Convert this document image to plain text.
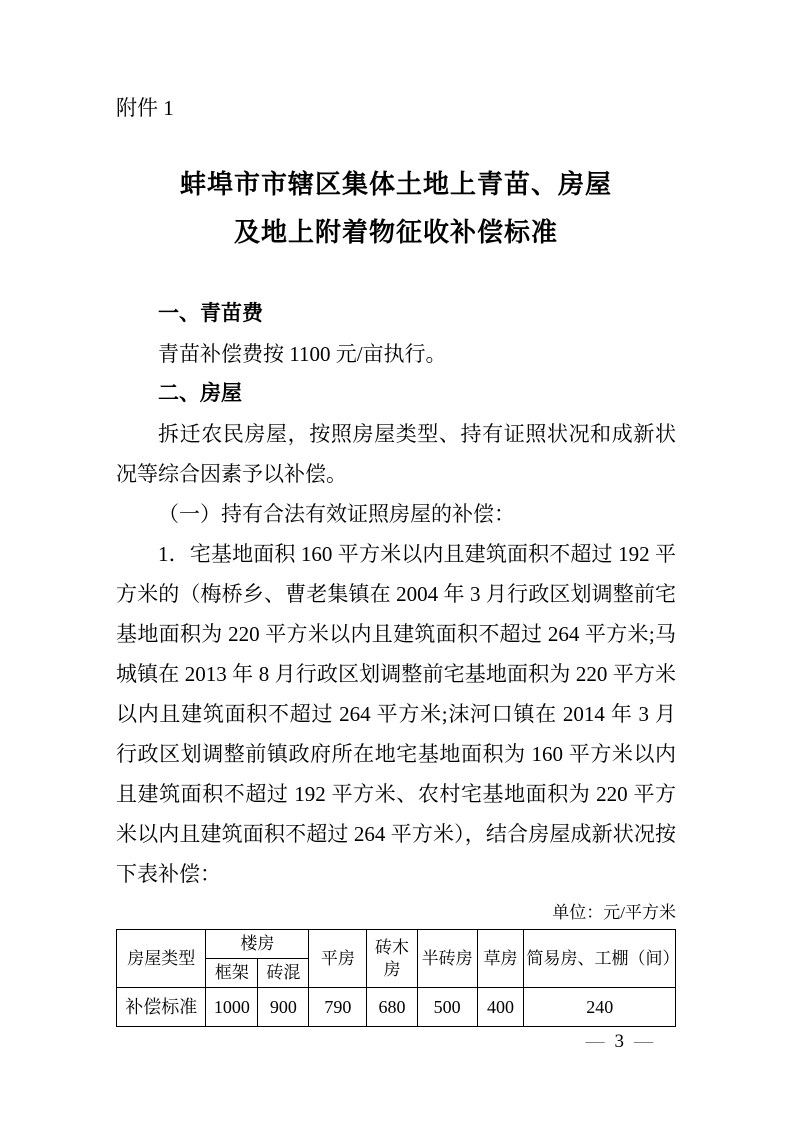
附件 1
蚌埠市市辖区集体土地上青苗、房屋
及地上附着物征收补偿标准

一、青苗费

青苗补偿费按 1100 元/亩执行。

二、房屋

拆迁农民房屋，按照房屋类型、持有证照状况和成新状况等综合因素予以补偿。

（一）持有合法有效证照房屋的补偿：

1．宅基地面积 160 平方米以内且建筑面积不超过 192 平方米的（梅桥乡、曹老集镇在 2004 年 3 月行政区划调整前宅基地面积为 220 平方米以内且建筑面积不超过 264 平方米;马城镇在 2013 年 8 月行政区划调整前宅基地面积为 220 平方米以内且建筑面积不超过 264 平方米;沫河口镇在 2014 年 3 月行政区划调整前镇政府所在地宅基地面积为 160 平方米以内且建筑面积不超过 192 平方米、农村宅基地面积为 220 平方米以内且建筑面积不超过 264 平方米），结合房屋成新状况按下表补偿：

单位：元/平方米
房屋类型	楼房		平房	砖木房	半砖房	草房	简易房、工棚（间）
	框架	砖混					
补偿标准	1000	900	790	680	500	400	240
— 3 —
